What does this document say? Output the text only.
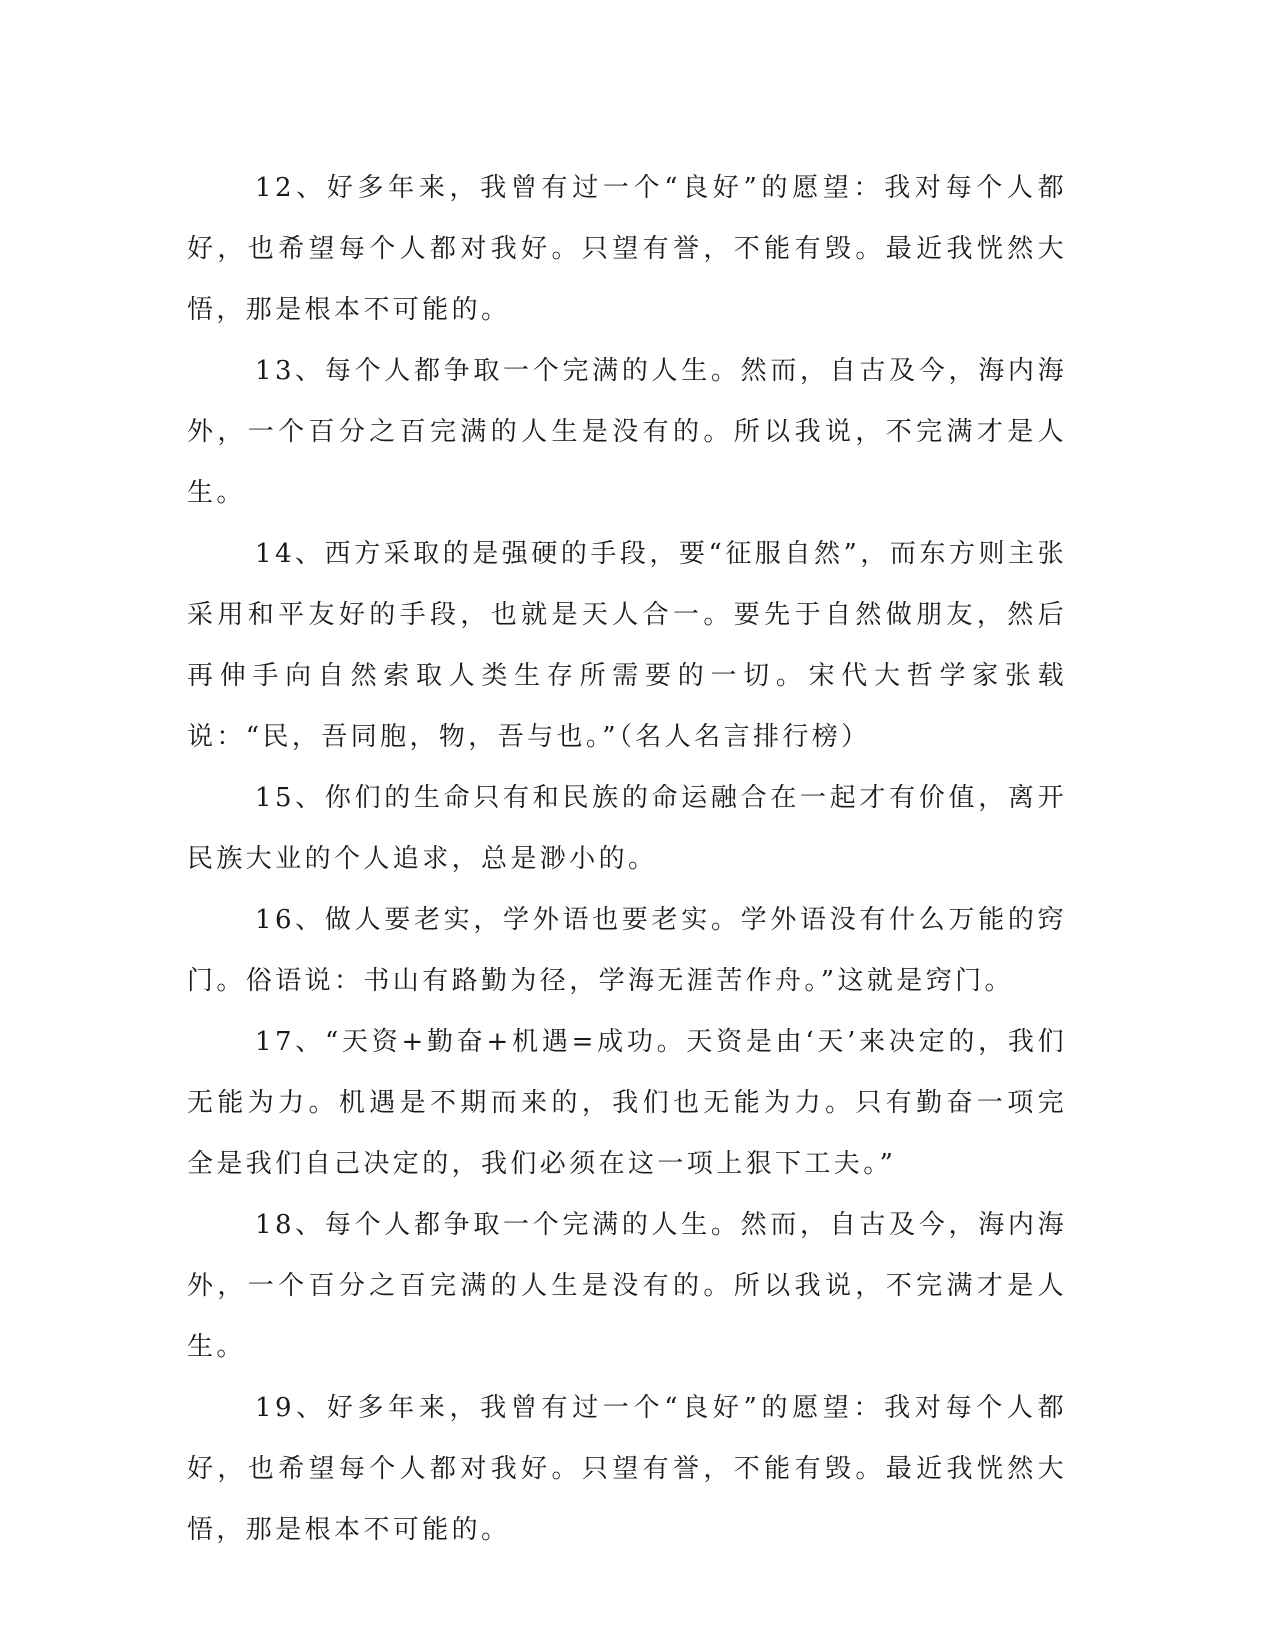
12、好多年来，我曾有过一个“良好”的愿望：我对每个人都好，也希望每个人都对我好。只望有誉，不能有毁。最近我恍然大悟，那是根本不可能的。

13、每个人都争取一个完满的人生。然而，自古及今，海内海外，一个百分之百完满的人生是没有的。所以我说，不完满才是人生。

14、西方采取的是强硬的手段，要“征服自然”，而东方则主张采用和平友好的手段，也就是天人合一。要先于自然做朋友，然后再伸手向自然索取人类生存所需要的一切。宋代大哲学家张载说：“民，吾同胞，物，吾与也。”（名人名言排行榜）

15、你们的生命只有和民族的命运融合在一起才有价值，离开民族大业的个人追求，总是渺小的。

16、做人要老实，学外语也要老实。学外语没有什么万能的窍门。俗语说：书山有路勤为径，学海无涯苦作舟。”这就是窍门。

17、“天资+勤奋+机遇=成功。天资是由‘天’来决定的，我们无能为力。机遇是不期而来的，我们也无能为力。只有勤奋一项完全是我们自己决定的，我们必须在这一项上狠下工夫。”

18、每个人都争取一个完满的人生。然而，自古及今，海内海外，一个百分之百完满的人生是没有的。所以我说，不完满才是人生。

19、好多年来，我曾有过一个“良好”的愿望：我对每个人都好，也希望每个人都对我好。只望有誉，不能有毁。最近我恍然大悟，那是根本不可能的。
